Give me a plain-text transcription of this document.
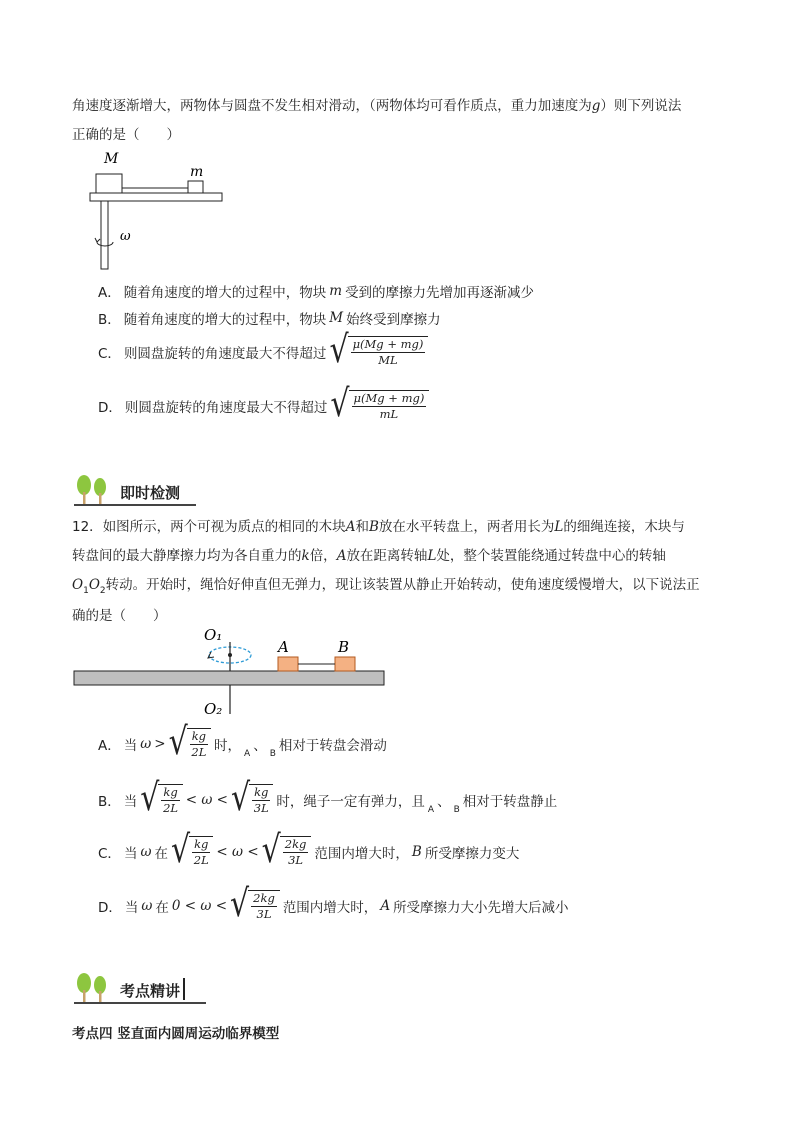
角速度逐渐增大，两物体与圆盘不发生相对滑动，（两物体均可看作质点，重力加速度为g）则下列说法
正确的是（　　）
M
m
ω
A． 随着角速度的增大的过程中，物块 m 受到的摩擦力先增加再逐渐减少
B． 随着角速度的增大的过程中，物块 M 始终受到摩擦力
C． 则圆盘旋转的角速度最大不得超过 √ $\frac{\mu(Mg + mg)}{ML}$
D． 则圆盘旋转的角速度最大不得超过 √ $\frac{\mu(Mg + mg)}{mL}$
即时检测
12．如图所示，两个可视为质点的相同的木块A和B放在水平转盘上，两者用长为L的细绳连接，木块与
转盘间的最大静摩擦力均为各自重力的k倍，A放在距离转轴L处，整个装置能绕通过转盘中心的转轴
$O_1O_2$转动。开始时，绳恰好伸直但无弹力，现让该装置从静止开始转动，使角速度缓慢增大，以下说法正
确的是（　　）
O₁
A	B
O₂
A． 当 ω > √ $\frac{kg}{2L}$ 时， A 、 B 相对于转盘会滑动
B． 当 √ $\frac{kg}{2L} < \omega$ < √ $\frac{kg}{3L}$ 时，绳子一定有弹力，且 A 、 B 相对于转盘静止
C． 当 ω 在 √ $\frac{kg}{2L} < \omega$ < √ $\frac{2kg}{3L}$ 范围内增大时， B 所受摩擦力变大
D． 当 ω 在 0 < ω < √ $\frac{2kg}{3L}$ 范围内增大时， A 所受摩擦力大小先增大后减小
考点精讲
考点四 竖直面内圆周运动临界模型
